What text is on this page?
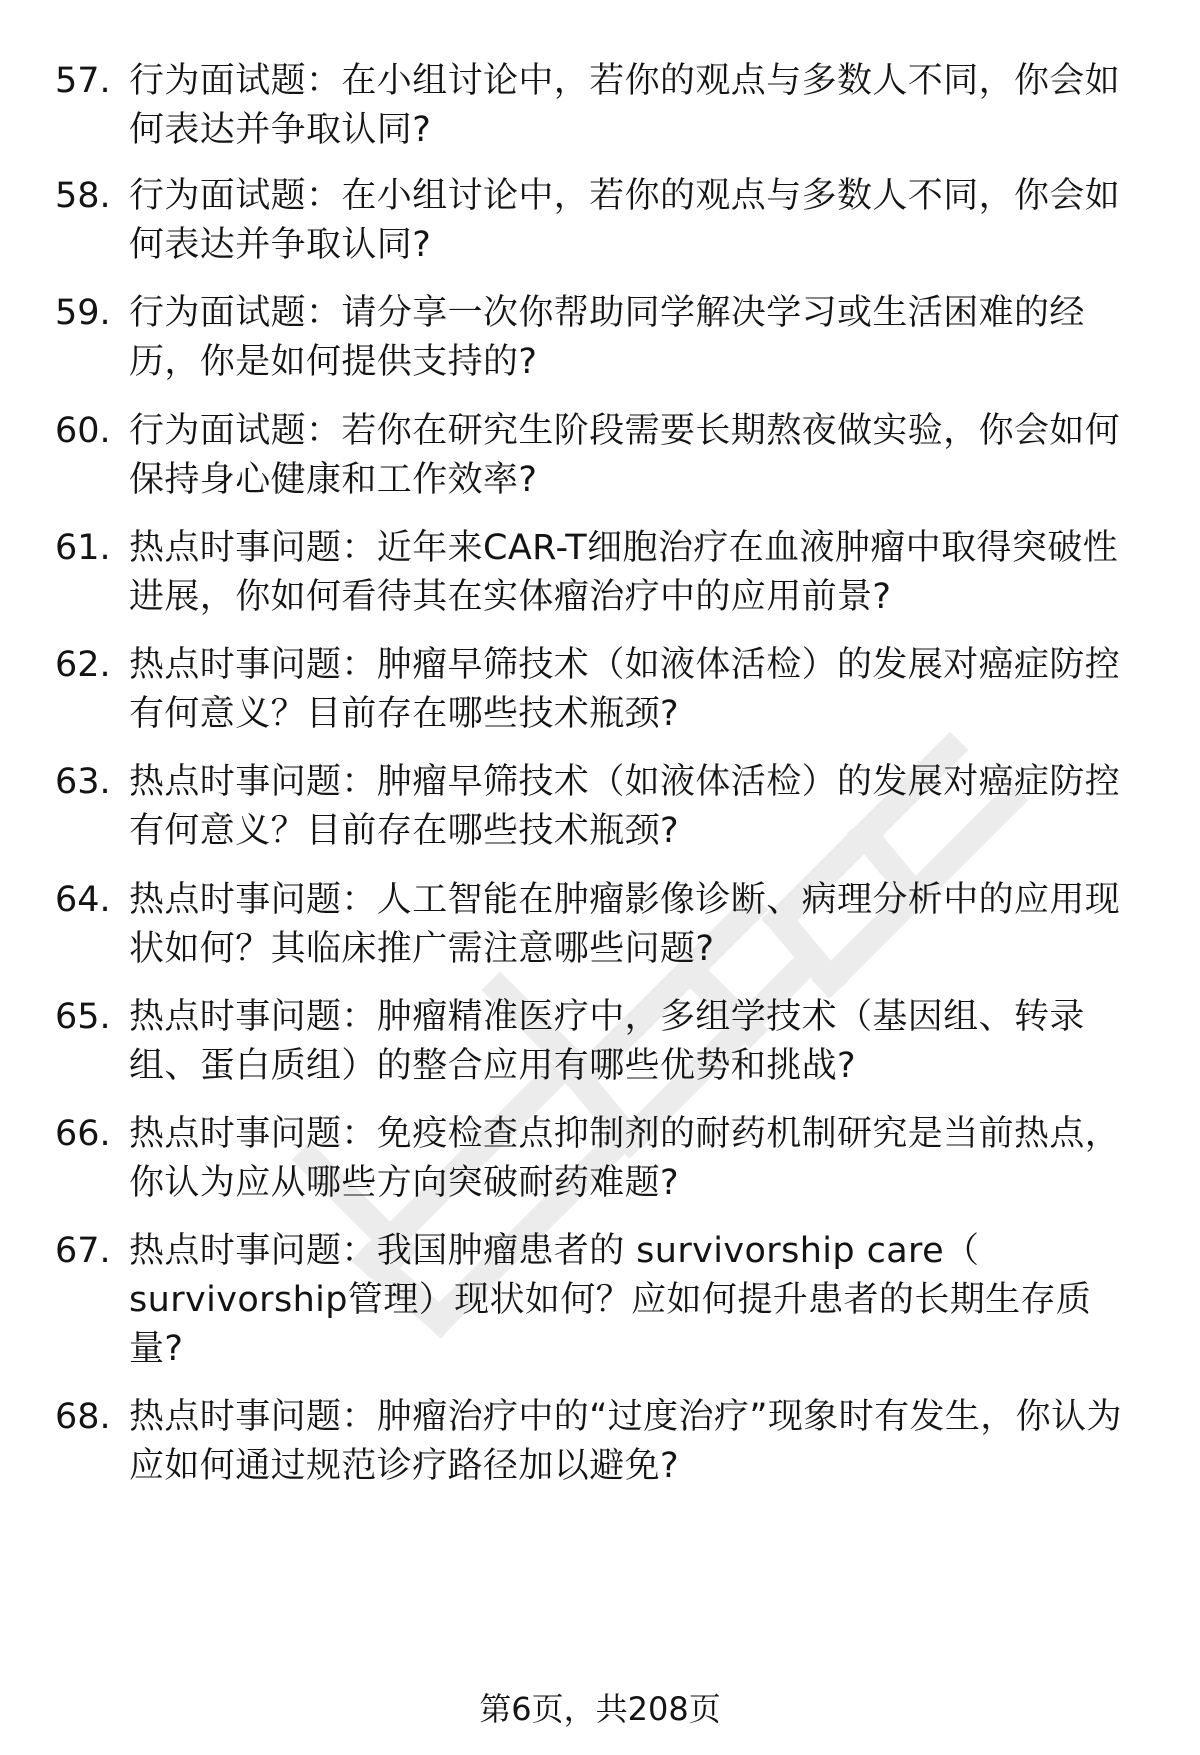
57. 行为面试题：在小组讨论中，若你的观点与多数人不同，你会如何表达并争取认同?
58. 行为面试题：在小组讨论中，若你的观点与多数人不同，你会如何表达并争取认同?
59. 行为面试题：请分享一次你帮助同学解决学习或生活困难的经历，你是如何提供支持的?
60. 行为面试题：若你在研究生阶段需要长期熬夜做实验，你会如何保持身心健康和工作效率?
61. 热点时事问题：近年来CAR-T细胞治疗在血液肿瘤中取得突破性进展，你如何看待其在实体瘤治疗中的应用前景?
62. 热点时事问题：肿瘤早筛技术（如液体活检）的发展对癌症防控有何意义？目前存在哪些技术瓶颈?
63. 热点时事问题：肿瘤早筛技术（如液体活检）的发展对癌症防控有何意义？目前存在哪些技术瓶颈?
64. 热点时事问题：人工智能在肿瘤影像诊断、病理分析中的应用现状如何？其临床推广需注意哪些问题?
65. 热点时事问题：肿瘤精准医疗中，多组学技术（基因组、转录组、蛋白质组）的整合应用有哪些优势和挑战?
66. 热点时事问题：免疫检查点抑制剂的耐药机制研究是当前热点，你认为应从哪些方向突破耐药难题?
67. 热点时事问题：我国肿瘤患者的 survivorship care（ survivorship管理）现状如何？应如何提升患者的长期生存质量?
68. 热点时事问题：肿瘤治疗中的“过度治疗”现象时有发生，你认为应如何通过规范诊疗路径加以避免?
第6页，共208页
